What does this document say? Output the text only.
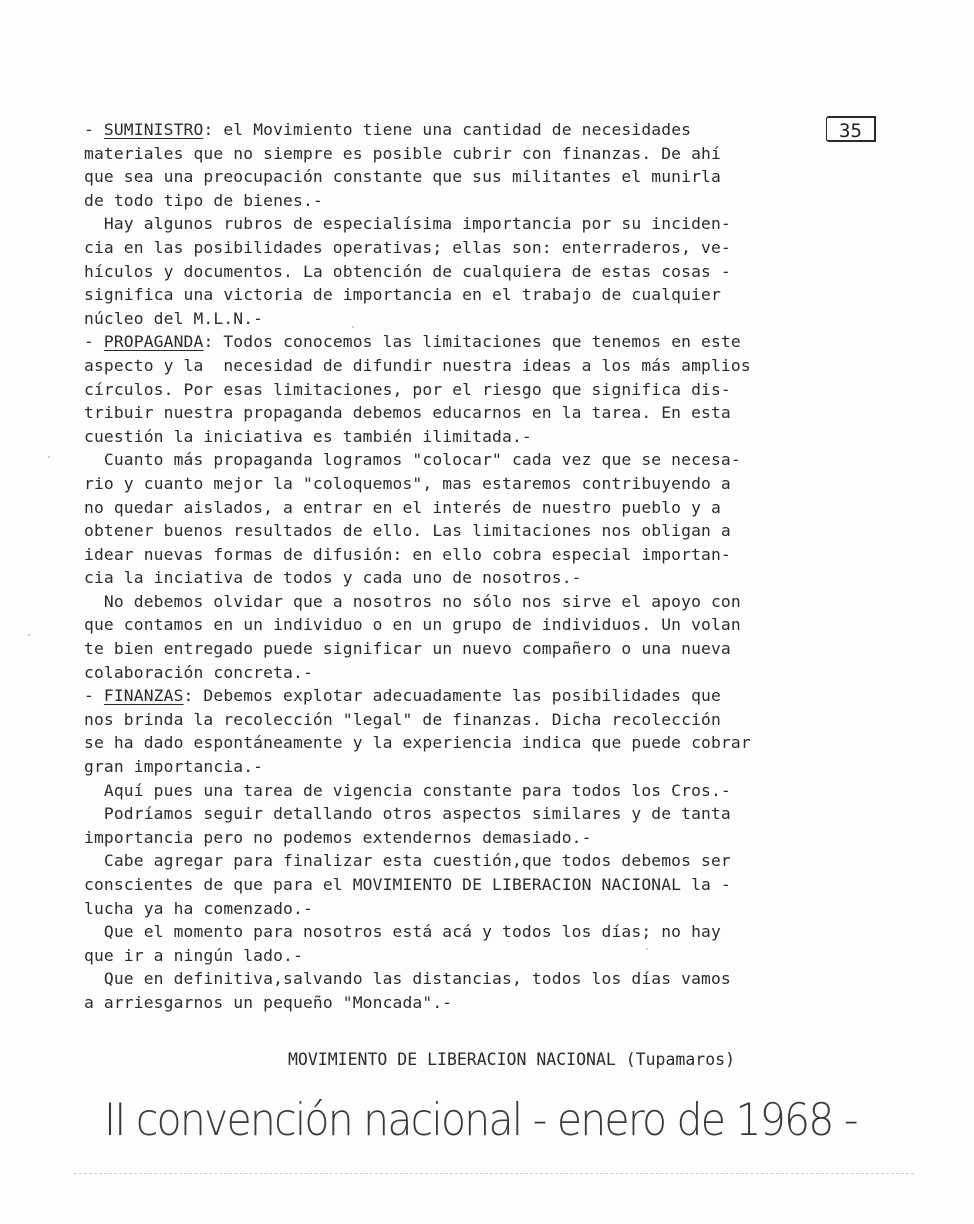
35
- SUMINISTRO: el Movimiento tiene una cantidad de necesidades
materiales que no siempre es posible cubrir con finanzas. De ahí
que sea una preocupación constante que sus militantes el munirla
de todo tipo de bienes.-
Hay algunos rubros de especialísima importancia por su inciden-
cia en las posibilidades operativas; ellas son: enterraderos, ve-
hículos y documentos. La obtención de cualquiera de estas cosas -
significa una victoria de importancia en el trabajo de cualquier
núcleo del M.L.N.-
- PROPAGANDA: Todos conocemos las limitaciones que tenemos en este
aspecto y la  necesidad de difundir nuestra ideas a los más amplios
círculos. Por esas limitaciones, por el riesgo que significa dis-
tribuir nuestra propaganda debemos educarnos en la tarea. En esta
cuestión la iniciativa es también ilimitada.-
Cuanto más propaganda logramos "colocar" cada vez que se necesa-
rio y cuanto mejor la "coloquemos", mas estaremos contribuyendo a
no quedar aislados, a entrar en el interés de nuestro pueblo y a
obtener buenos resultados de ello. Las limitaciones nos obligan a
idear nuevas formas de difusión: en ello cobra especial importan-
cia la inciativa de todos y cada uno de nosotros.-
No debemos olvidar que a nosotros no sólo nos sirve el apoyo con
que contamos en un individuo o en un grupo de individuos. Un volan
te bien entregado puede significar un nuevo compañero o una nueva
colaboración concreta.-
- FINANZAS: Debemos explotar adecuadamente las posibilidades que
nos brinda la recolección "legal" de finanzas. Dicha recolección
se ha dado espontáneamente y la experiencia indica que puede cobrar
gran importancia.-
Aquí pues una tarea de vigencia constante para todos los Cros.-
Podríamos seguir detallando otros aspectos similares y de tanta
importancia pero no podemos extendernos demasiado.-
Cabe agregar para finalizar esta cuestión,que todos debemos ser
conscientes de que para el MOVIMIENTO DE LIBERACION NACIONAL la -
lucha ya ha comenzado.-
Que el momento para nosotros está acá y todos los días; no hay
que ir a ningún lado.-
Que en definitiva,salvando las distancias, todos los días vamos
a arriesgarnos un pequeño "Moncada".-
MOVIMIENTO DE LIBERACION NACIONAL (Tupamaros)
II convención nacional - enero de 1968 -
